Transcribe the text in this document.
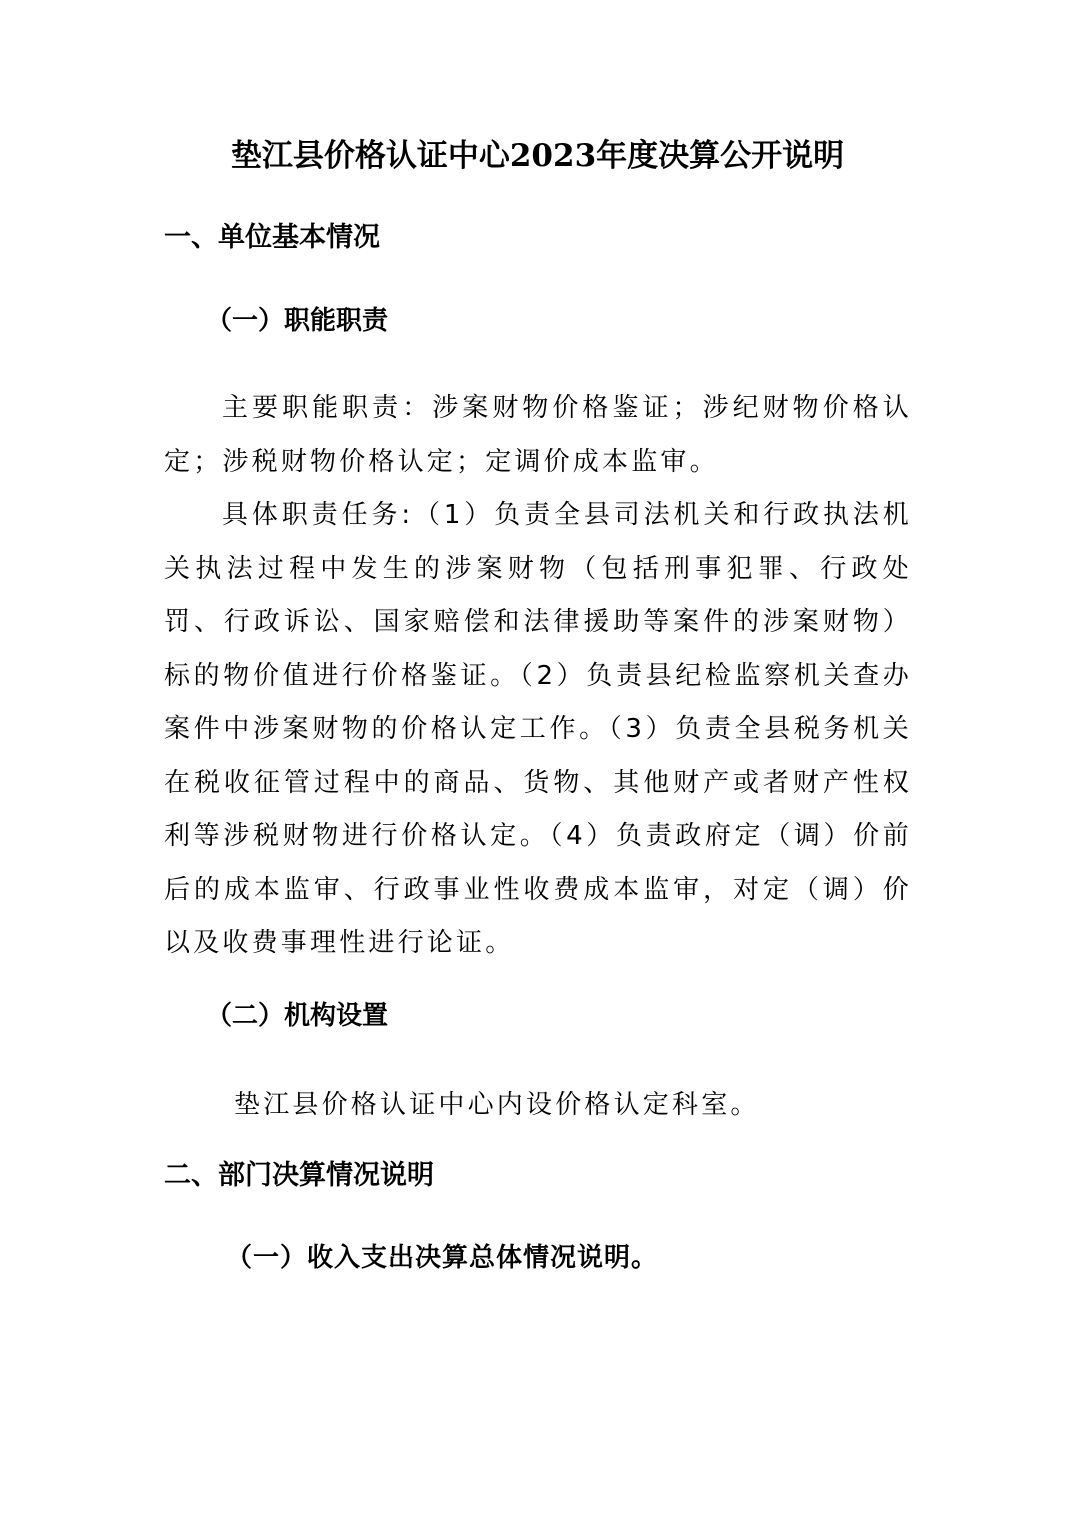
垫江县价格认证中心2023年度决算公开说明
一、单位基本情况
（一）职能职责

主要职能职责：涉案财物价格鉴证；涉纪财物价格认定；涉税财物价格认定；定调价成本监审。

具体职责任务:（1）负责全县司法机关和行政执法机关执法过程中发生的涉案财物（包括刑事犯罪、行政处罚、行政诉讼、国家赔偿和法律援助等案件的涉案财物）标的物价值进行价格鉴证。（2）负责县纪检监察机关查办案件中涉案财物的价格认定工作。（3）负责全县税务机关在税收征管过程中的商品、货物、其他财产或者财产性权利等涉税财物进行价格认定。（4）负责政府定（调）价前后的成本监审、行政事业性收费成本监审，对定（调）价以及收费事理性进行论证。

（二）机构设置

垫江县价格认证中心内设价格认定科室。

二、部门决算情况说明
（一）收入支出决算总体情况说明。
